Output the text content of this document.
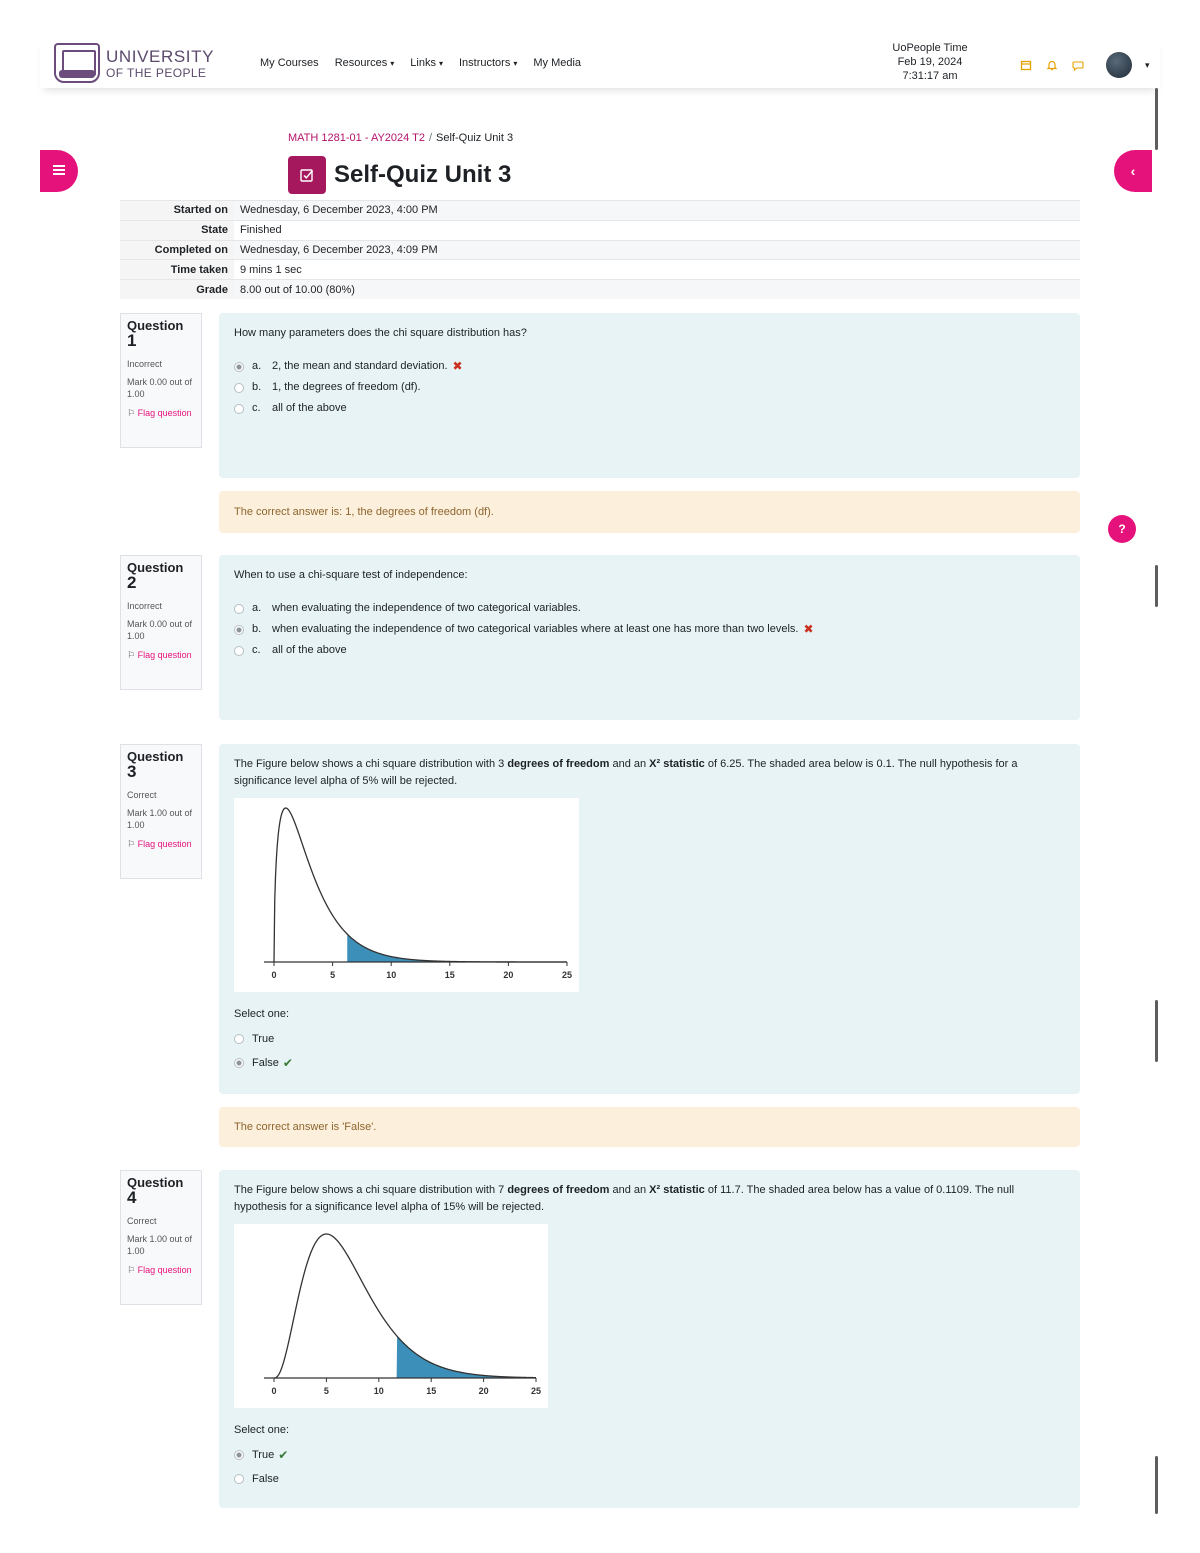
UNIVERSITY
OF THE PEOPLE
My Courses Resources ▾ Links ▾ Instructors ▾ My Media
UoPeople Time
Feb 19, 2024
7:31:17 am
▾
‹
?
MATH 1281-01 - AY2024 T2 / Self-Quiz Unit 3
Self-Quiz Unit 3
Started on	Wednesday, 6 December 2023, 4:00 PM
State	Finished
Completed on	Wednesday, 6 December 2023, 4:09 PM
Time taken	9 mins 1 sec
Grade	8.00 out of 10.00 (80%)
Question
1
Incorrect
Mark 0.00 out of 1.00
⚐ Flag question
How many parameters does the chi square distribution has?
a. 2, the mean and standard deviation. ✖
b. 1, the degrees of freedom (df).
c.	all of the above
The correct answer is: 1, the degrees of freedom (df).
Question
2
Incorrect
Mark 0.00 out of 1.00
⚐ Flag question
When to use a chi-square test of independence:
a. when evaluating the independence of two categorical variables.
b. when evaluating the independence of two categorical variables where at least one has more than two levels. ✖
c.	all of the above
Question
3
Correct
Mark 1.00 out of 1.00
⚐ Flag question
The Figure below shows a chi square distribution with 3 degrees of freedom and an X² statistic of 6.25. The shaded area below is 0.1. The null hypothesis for a significance level alpha of 5% will be rejected.
0	5	10	15	20	25
Select one:
True
False ✔
The correct answer is 'False'.
Question
4
Correct
Mark 1.00 out of 1.00
⚐ Flag question
The Figure below shows a chi square distribution with 7 degrees of freedom and an X² statistic of 11.7. The shaded area below has a value of 0.1109. The null hypothesis for a significance level alpha of 15% will be rejected.
0	5	10	15	20	25
Select one:
True ✔
False
